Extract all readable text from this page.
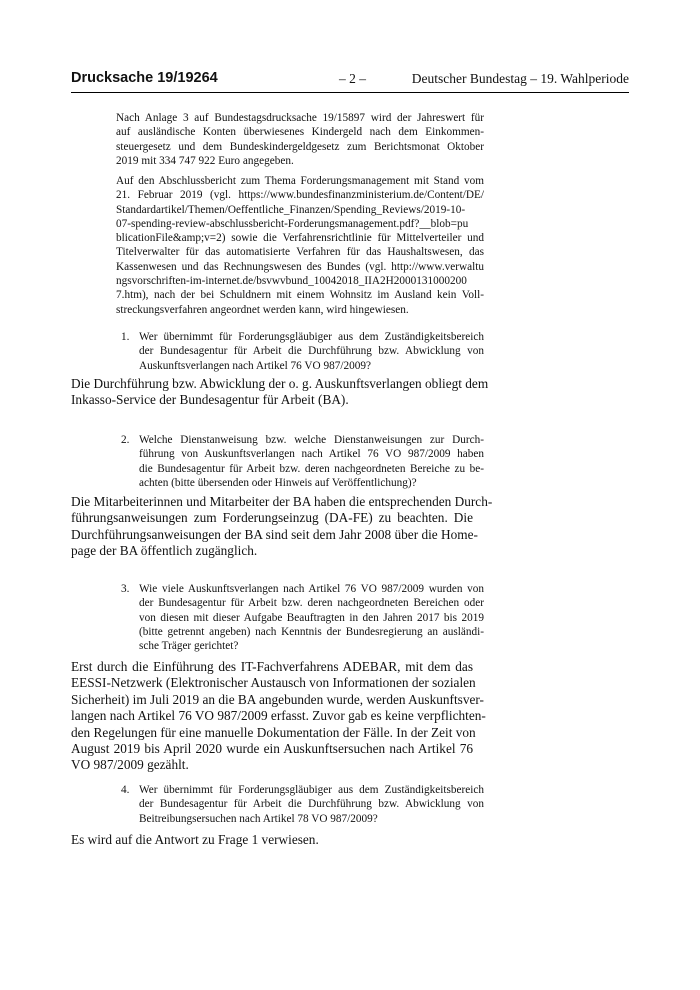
Drucksache 19/19264	– 2 –	Deutscher Bundestag – 19. Wahlperiode
Nach Anlage 3 auf Bundestagsdrucksache 19/15897 wird der Jahreswert für
auf ausländische Konten überwiesenes Kindergeld nach dem Einkommen-
steuergesetz und dem Bundeskindergeldgesetz zum Berichtsmonat Oktober
2019 mit 334 747 922 Euro angegeben.
Auf den Abschlussbericht zum Thema Forderungsmanagement mit Stand vom
21. Februar 2019 (vgl. https://www.bundesfinanzministerium.de/Content/DE/
Standardartikel/Themen/Oeffentliche_Finanzen/Spending_Reviews/2019-10-
07-spending-review-abschlussbericht-Forderungsmanagement.pdf?__blob=pu
blicationFile&amp;v=2) sowie die Verfahrensrichtlinie für Mittelverteiler und
Titelverwalter für das automatisierte Verfahren für das Haushaltswesen, das
Kassenwesen und das Rechnungswesen des Bundes (vgl. http://www.verwaltu
ngsvorschriften-im-internet.de/bsvwvbund_10042018_IIA2H2000131000200
7.htm), nach der bei Schuldnern mit einem Wohnsitz im Ausland kein Voll-
streckungsverfahren angeordnet werden kann, wird hingewiesen.
1. Wer übernimmt für Forderungsgläubiger aus dem Zuständigkeitsbereich
der Bundesagentur für Arbeit die Durchführung bzw. Abwicklung von
Auskunftsverlangen nach Artikel 76 VO 987/2009?
Die Durchführung bzw. Abwicklung der o. g. Auskunftsverlangen obliegt dem
Inkasso-Service der Bundesagentur für Arbeit (BA).
2. Welche Dienstanweisung bzw. welche Dienstanweisungen zur Durch-
führung von Auskunftsverlangen nach Artikel 76 VO 987/2009 haben
die Bundesagentur für Arbeit bzw. deren nachgeordneten Bereiche zu be-
achten (bitte übersenden oder Hinweis auf Veröffentlichung)?
Die Mitarbeiterinnen und Mitarbeiter der BA haben die entsprechenden Durch-
führungsanweisungen zum Forderungseinzug (DA-FE) zu beachten. Die
Durchführungsanweisungen der BA sind seit dem Jahr 2008 über die Home-
page der BA öffentlich zugänglich.
3. Wie viele Auskunftsverlangen nach Artikel 76 VO 987/2009 wurden von
der Bundesagentur für Arbeit bzw. deren nachgeordneten Bereichen oder
von diesen mit dieser Aufgabe Beauftragten in den Jahren 2017 bis 2019
(bitte getrennt angeben) nach Kenntnis der Bundesregierung an ausländi-
sche Träger gerichtet?
Erst durch die Einführung des IT-Fachverfahrens ADEBAR, mit dem das
EESSI-Netzwerk (Elektronischer Austausch von Informationen der sozialen
Sicherheit) im Juli 2019 an die BA angebunden wurde, werden Auskunftsver-
langen nach Artikel 76 VO 987/2009 erfasst. Zuvor gab es keine verpflichten-
den Regelungen für eine manuelle Dokumentation der Fälle. In der Zeit von
August 2019 bis April 2020 wurde ein Auskunftsersuchen nach Artikel 76
VO 987/2009 gezählt.
4. Wer übernimmt für Forderungsgläubiger aus dem Zuständigkeitsbereich
der Bundesagentur für Arbeit die Durchführung bzw. Abwicklung von
Beitreibungsersuchen nach Artikel 78 VO 987/2009?
Es wird auf die Antwort zu Frage 1 verwiesen.
